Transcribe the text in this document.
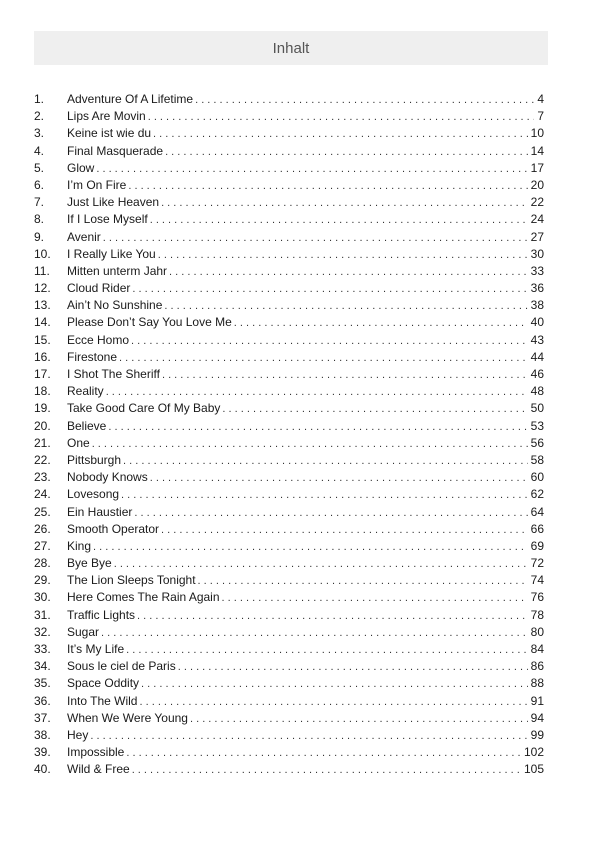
Inhalt
1.	Adventure Of A Lifetime . . .	4
2.	Lips Are Movin . . .	7
3.	Keine ist wie du . . .	10
4.	Final Masquerade . . .	14
5.	Glow . . .	17
6.	I’m On Fire . . .	20
7.	Just Like Heaven . . .	22
8.	If I Lose Myself . . .	24
9.	Avenir . . .	27
10.	I Really Like You . . .	30
11.	Mitten unterm Jahr . . .	33
12.	Cloud Rider . . .	36
13.	Ain’t No Sunshine . . .	38
14.	Please Don’t Say You Love Me . . .	40
15.	Ecce Homo . . .	43
16.	Firestone . . .	44
17.	I Shot The Sheriff . . .	46
18.	Reality . . .	48
19.	Take Good Care Of My Baby . . .	50
20.	Believe . . .	53
21.	One . . .	56
22.	Pittsburgh . . .	58
23.	Nobody Knows . . .	60
24.	Lovesong . . .	62
25.	Ein Haustier . . .	64
26.	Smooth Operator . . .	66
27.	King . . .	69
28.	Bye Bye . . .	72
29.	The Lion Sleeps Tonight . . .	74
30.	Here Comes The Rain Again . . .	76
31.	Traffic Lights . . .	78
32.	Sugar . . .	80
33.	It’s My Life . . .	84
34.	Sous le ciel de Paris . . .	86
35.	Space Oddity . . .	88
36.	Into The Wild . . .	91
37.	When We Were Young . . .	94
38.	Hey . . .	99
39.	Impossible . . .	102
40.	Wild & Free . . .	105
